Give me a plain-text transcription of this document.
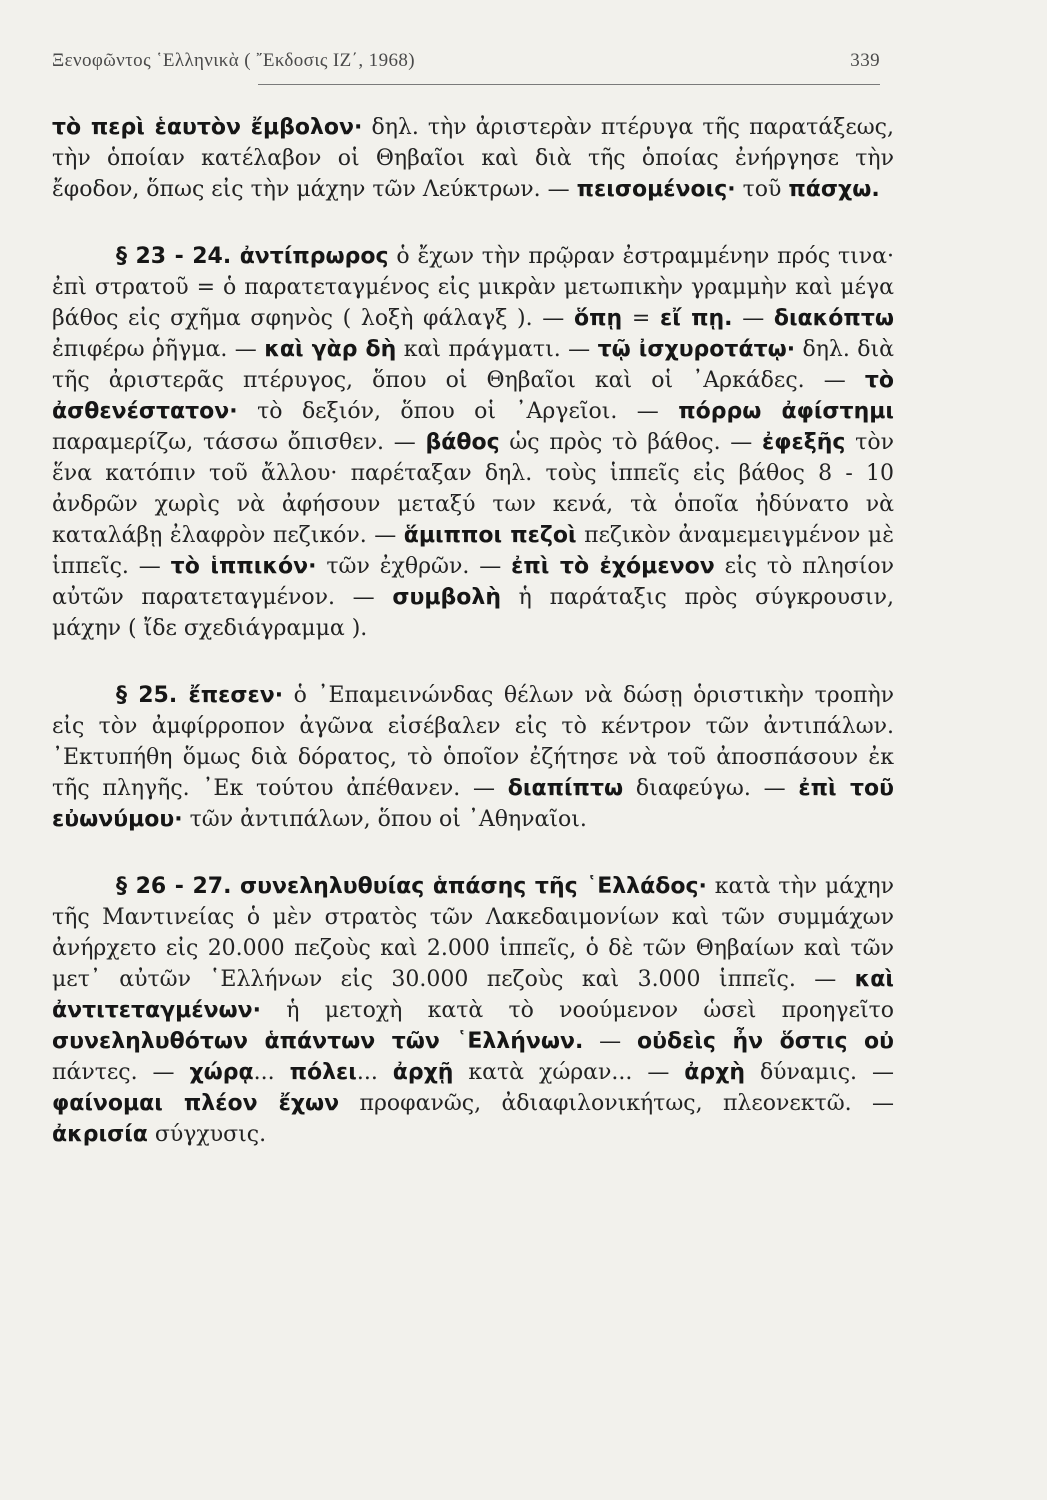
Ξενοφῶντος ῾Ελληνικὰ ( ῎Εκδοσις ΙΖ΄, 1968)	339

τὸ περὶ ἑαυτὸν ἔμβολον· δηλ. τὴν ἀριστερὰν πτέρυγα τῆς παρατάξεως, τὴν ὁποίαν κατέλαβον οἱ Θηβαῖοι καὶ διὰ τῆς ὁποίας ἐνήργησε τὴν ἔφοδον, ὅπως εἰς τὴν μάχην τῶν Λεύκτρων. — πεισομένοις· τοῦ πάσχω.

§ 23 - 24. ἀντίπρωρος ὁ ἔχων τὴν πρῷραν ἐστραμμένην πρός τινα· ἐπὶ στρατοῦ = ὁ παρατεταγμένος εἰς μικρὰν μετωπικὴν γραμμὴν καὶ μέγα βάθος εἰς σχῆμα σφηνὸς ( λοξὴ φάλαγξ ). — ὅπῃ = εἴ πῃ. — διακόπτω ἐπιφέρω ῥῆγμα. — καὶ γὰρ δὴ καὶ πράγματι. — τῷ ἰσχυροτάτῳ· δηλ. διὰ τῆς ἀριστερᾶς πτέρυγος, ὅπου οἱ Θηβαῖοι καὶ οἱ ᾿Αρκάδες. — τὸ ἀσθενέστατον· τὸ δεξιόν, ὅπου οἱ ᾿Αργεῖοι. — πόρρω ἀφίστημι παραμερίζω, τάσσω ὄπισθεν. — βάθος ὡς πρὸς τὸ βάθος. — ἐφεξῆς τὸν ἕνα κατόπιν τοῦ ἄλλου· παρέταξαν δηλ. τοὺς ἱππεῖς εἰς βάθος 8 - 10 ἀνδρῶν χωρὶς νὰ ἀφήσουν μεταξύ των κενά, τὰ ὁποῖα ἠδύνατο νὰ καταλάβῃ ἐλαφρὸν πεζικόν. — ἅμιπποι πεζοὶ πεζικὸν ἀναμεμειγμένον μὲ ἱππεῖς. — τὸ ἱππικόν· τῶν ἐχθρῶν. — ἐπὶ τὸ ἐχόμενον εἰς τὸ πλησίον αὐτῶν παρατεταγμένον. — συμβολὴ ἡ παράταξις πρὸς σύγκρουσιν, μάχην ( ἴδε σχεδιάγραμμα ).

§ 25. ἔπεσεν· ὁ ᾿Επαμεινώνδας θέλων νὰ δώσῃ ὁριστικὴν τροπὴν εἰς τὸν ἀμφίρροπον ἀγῶνα εἰσέβαλεν εἰς τὸ κέντρον τῶν ἀντιπάλων. ᾿Εκτυπήθη ὅμως διὰ δόρατος, τὸ ὁποῖον ἐζήτησε νὰ τοῦ ἀποσπάσουν ἐκ τῆς πληγῆς. ᾿Εκ τούτου ἀπέθανεν. — διαπίπτω διαφεύγω. — ἐπὶ τοῦ εὐωνύμου· τῶν ἀντιπάλων, ὅπου οἱ ᾿Αθηναῖοι.

§ 26 - 27. συνεληλυθυίας ἁπάσης τῆς ῾Ελλάδος· κατὰ τὴν μάχην τῆς Μαντινείας ὁ μὲν στρατὸς τῶν Λακεδαιμονίων καὶ τῶν συμμάχων ἀνήρχετο εἰς 20.000 πεζοὺς καὶ 2.000 ἱππεῖς, ὁ δὲ τῶν Θηβαίων καὶ τῶν μετ᾿ αὐτῶν ῾Ελλήνων εἰς 30.000 πεζοὺς καὶ 3.000 ἱππεῖς. — καὶ ἀντιτεταγμένων· ἡ μετοχὴ κατὰ τὸ νοούμενον ὡσεὶ προηγεῖτο συνεληλυθότων ἁπάντων τῶν ῾Ελλήνων. — οὐδεὶς ἦν ὅστις οὐ πάντες. — χώρᾳ... πόλει... ἀρχῇ κατὰ χώραν... — ἀρχὴ δύναμις. — φαίνομαι πλέον ἔχων προφανῶς, ἀδιαφιλονικήτως, πλεονεκτῶ. — ἀκρισία σύγχυσις.
